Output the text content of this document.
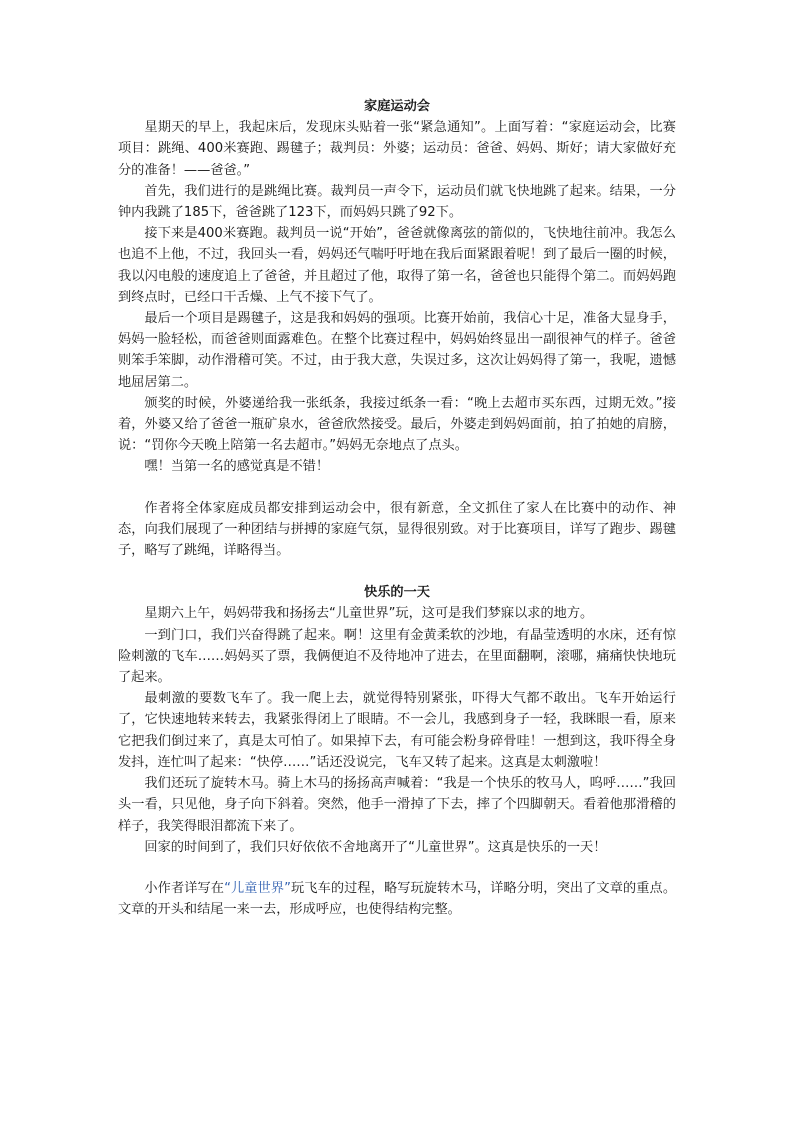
家庭运动会

星期天的早上，我起床后，发现床头贴着一张“紧急通知”。上面写着：“家庭运动会，比赛项目：跳绳、400米赛跑、踢毽子；裁判员：外婆；运动员：爸爸、妈妈、斯好；请大家做好充分的准备！——爸爸。”

首先，我们进行的是跳绳比赛。裁判员一声令下，运动员们就飞快地跳了起来。结果，一分钟内我跳了185下，爸爸跳了123下，而妈妈只跳了92下。

接下来是400米赛跑。裁判员一说“开始”，爸爸就像离弦的箭似的，飞快地往前冲。我怎么也追不上他，不过，我回头一看，妈妈还气喘吁吁地在我后面紧跟着呢！到了最后一圈的时候，我以闪电般的速度追上了爸爸，并且超过了他，取得了第一名，爸爸也只能得个第二。而妈妈跑到终点时，已经口干舌燥、上气不接下气了。

最后一个项目是踢毽子，这是我和妈妈的强项。比赛开始前，我信心十足，准备大显身手，妈妈一脸轻松，而爸爸则面露难色。在整个比赛过程中，妈妈始终显出一副很神气的样子。爸爸则笨手笨脚，动作滑稽可笑。不过，由于我大意，失误过多，这次让妈妈得了第一，我呢，遗憾地屈居第二。

颁奖的时候，外婆递给我一张纸条，我接过纸条一看：“晚上去超市买东西，过期无效。”接着，外婆又给了爸爸一瓶矿泉水，爸爸欣然接受。最后，外婆走到妈妈面前，拍了拍她的肩膀，说：“罚你今天晚上陪第一名去超市。”妈妈无奈地点了点头。

嘿！当第一名的感觉真是不错！

作者将全体家庭成员都安排到运动会中，很有新意，全文抓住了家人在比赛中的动作、神态，向我们展现了一种团结与拼搏的家庭气氛，显得很别致。对于比赛项目，详写了跑步、踢毽子，略写了跳绳，详略得当。

快乐的一天

星期六上午，妈妈带我和扬扬去“儿童世界”玩，这可是我们梦寐以求的地方。

一到门口，我们兴奋得跳了起来。啊！这里有金黄柔软的沙地，有晶莹透明的水床，还有惊险刺激的飞车……妈妈买了票，我俩便迫不及待地冲了进去，在里面翻啊，滚哪，痛痛快快地玩了起来。

最刺激的要数飞车了。我一爬上去，就觉得特别紧张，吓得大气都不敢出。飞车开始运行了，它快速地转来转去，我紧张得闭上了眼睛。不一会儿，我感到身子一轻，我眯眼一看，原来它把我们倒过来了，真是太可怕了。如果掉下去，有可能会粉身碎骨哇！一想到这，我吓得全身发抖，连忙叫了起来：“快停……”话还没说完，飞车又转了起来。这真是太刺激啦！

我们还玩了旋转木马。骑上木马的扬扬高声喊着：“我是一个快乐的牧马人，呜呼……”我回头一看，只见他，身子向下斜着。突然，他手一滑掉了下去，摔了个四脚朝天。看着他那滑稽的样子，我笑得眼泪都流下来了。

回家的时间到了，我们只好依依不舍地离开了“儿童世界”。这真是快乐的一天！

小作者详写在“儿童世界”玩飞车的过程，略写玩旋转木马，详略分明，突出了文章的重点。文章的开头和结尾一来一去，形成呼应，也使得结构完整。
